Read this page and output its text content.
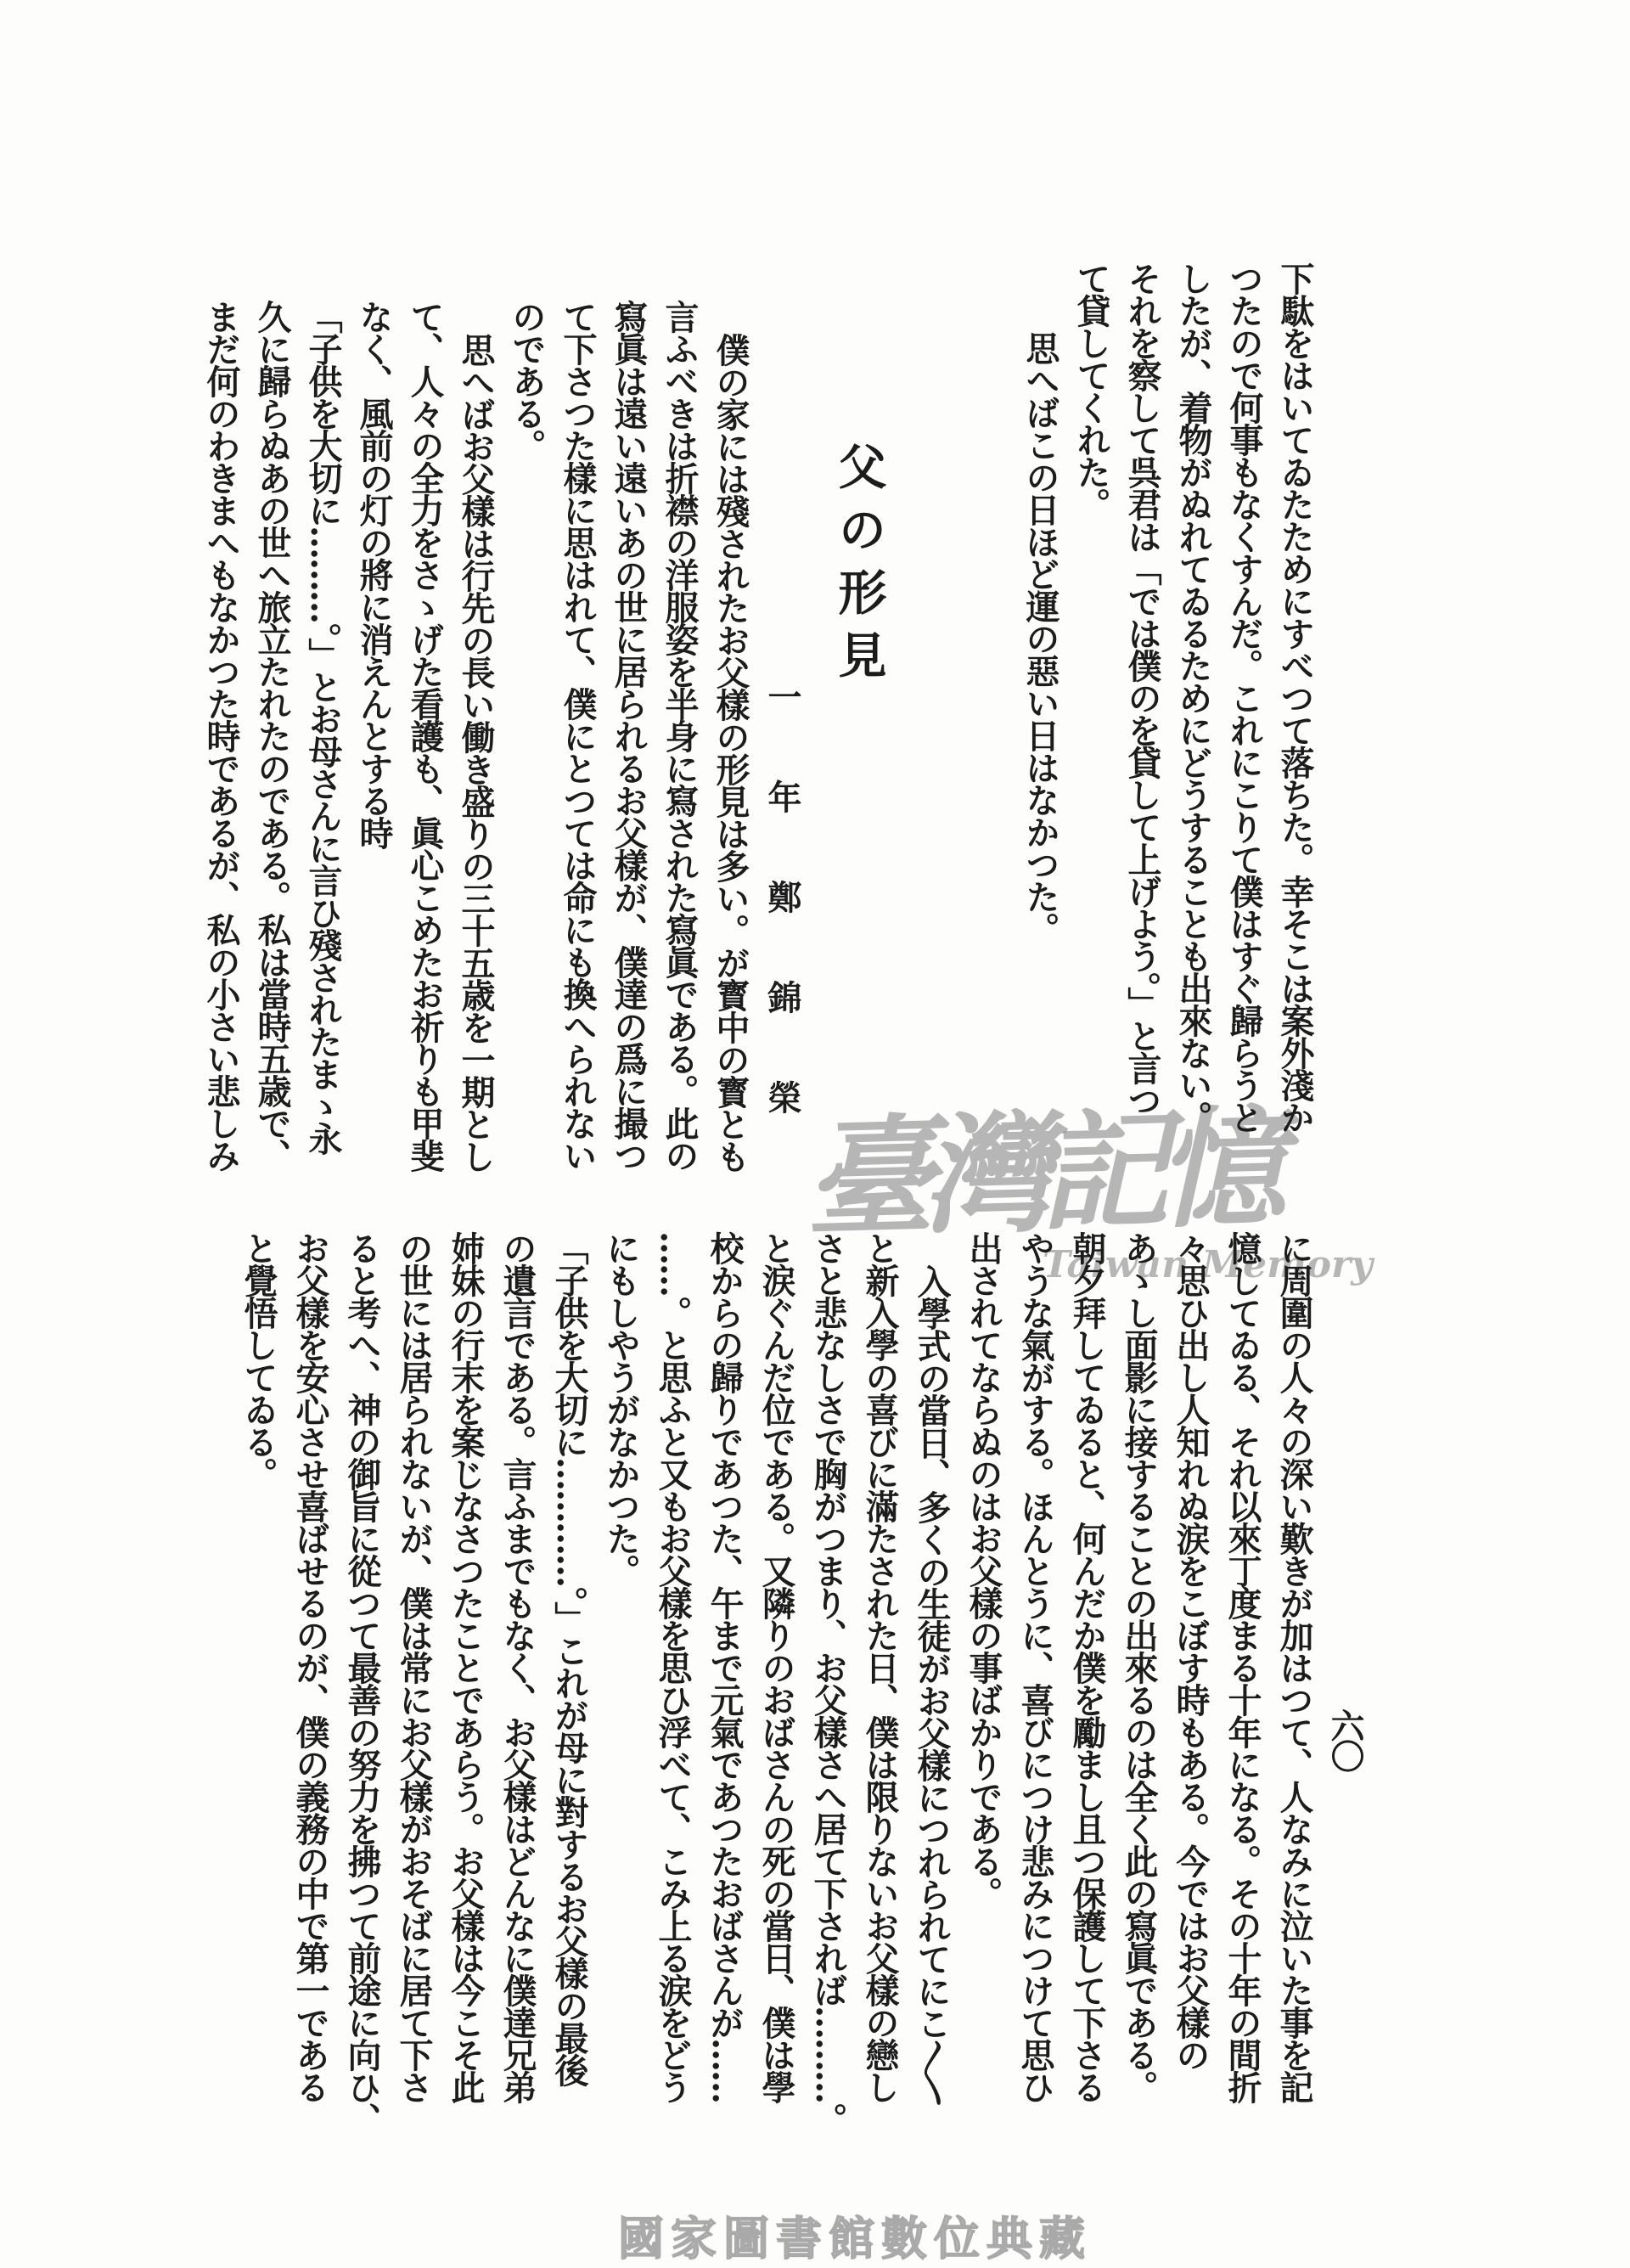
臺灣記憶
Taiwan Memory
下駄をはいてゐたためにすべつて落ちた。幸そこは案外淺か
つたので何事もなくすんだ。これにこりて僕はすぐ歸らうと
したが、着物がぬれてゐるためにどうすることも出來ない。
それを察して呉君は「では僕のを貸して上げよう。」と言つ
て貸してくれた。
思へばこの日ほど運の惡い日はなかつた。
父の形見
一年鄭錦榮
僕の家には殘されたお父樣の形見は多い。が寳中の寳とも
言ふべきは折襟の洋服姿を半身に寫された寫眞である。此の
寫眞は遠い遠いあの世に居られるお父樣が、僕達の爲に撮つ
て下さつた樣に思はれて、僕にとつては命にも換へられない
のである。
思へばお父樣は行先の長い働き盛りの三十五歳を一期とし
て、人々の全力をさゝげた看護も、眞心こめたお祈りも甲斐
なく、風前の灯の將に消えんとする時
「子供を大切に………。」とお母さんに言ひ殘されたまゝ永
久に歸らぬあの世へ旅立たれたのである。私は當時五歳で、
まだ何のわきまへもなかつた時であるが、私の小さい悲しみ
に周圍の人々の深い歎きが加はつて、人なみに泣いた事を記
憶してゐる、それ以來丁度まる十年になる。その十年の間折
々思ひ出し人知れぬ涙をこぼす時もある。今ではお父樣の
あゝし面影に接することの出來るのは全く此の寫眞である。
朝夕拜してゐると、何んだか僕を勵まし且つ保護して下さる
やうな氣がする。ほんとうに、喜びにつけ悲みにつけて思ひ
出されてならぬのはお父樣の事ばかりである。
入學式の當日、多くの生徒がお父樣につれられてにこ〳〵
と新入學の喜びに滿たされた日、僕は限りないお父樣の戀し
さと悲なしさで胸がつまり、お父樣さへ居て下されば………。
と涙ぐんだ位である。又隣りのおばさんの死の當日、僕は學
校からの歸りであつた、午まで元氣であつたおばさんが……
……。と思ふと又もお父樣を思ひ浮べて、こみ上る涙をどう
にもしやうがなかつた。
「子供を大切に…………。」これが母に對するお父樣の最後
の遺言である。言ふまでもなく、お父樣はどんなに僕達兄弟
姉妹の行末を案じなさつたことであらう。お父樣は今こそ此
の世には居られないが、僕は常にお父樣がおそばに居て下さ
ると考へ、神の御旨に從つて最善の努力を拂つて前途に向ひ、
お父樣を安心させ喜ばせるのが、僕の義務の中で第一である
と覺悟してゐる。
六〇
國家圖書館數位典藏
